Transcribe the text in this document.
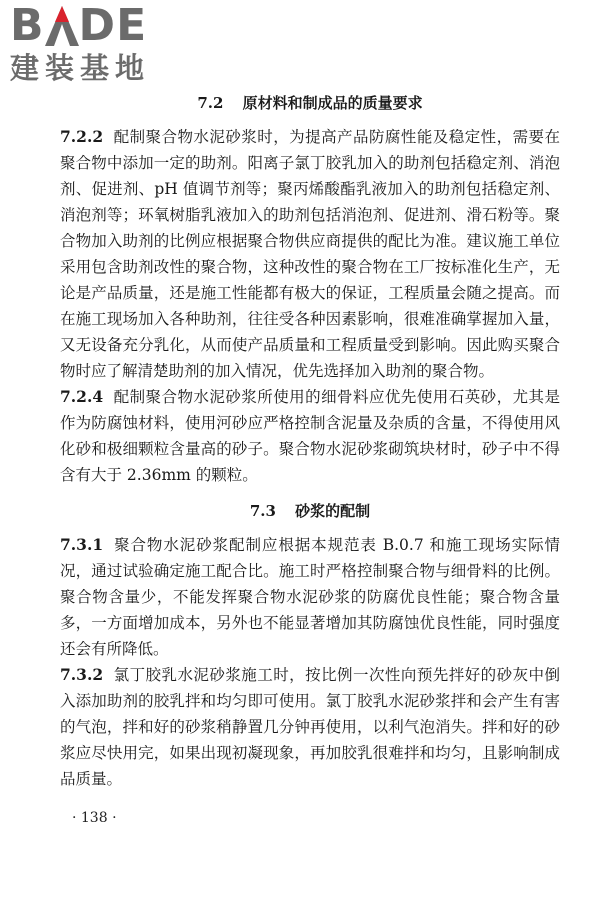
B DE
建装基地
7.2 原材料和制成品的质量要求

7.2.2 配制聚合物水泥砂浆时，为提高产品防腐性能及稳定性，需要在聚合物中添加一定的助剂。阳离子氯丁胶乳加入的助剂包括稳定剂、消泡剂、促进剂、pH 值调节剂等；聚丙烯酸酯乳液加入的助剂包括稳定剂、消泡剂等；环氧树脂乳液加入的助剂包括消泡剂、促进剂、滑石粉等。聚合物加入助剂的比例应根据聚合物供应商提供的配比为准。建议施工单位采用包含助剂改性的聚合物，这种改性的聚合物在工厂按标准化生产，无论是产品质量，还是施工性能都有极大的保证，工程质量会随之提高。而在施工现场加入各种助剂，往往受各种因素影响，很难准确掌握加入量，又无设备充分乳化，从而使产品质量和工程质量受到影响。因此购买聚合物时应了解清楚助剂的加入情况，优先选择加入助剂的聚合物。

7.2.4 配制聚合物水泥砂浆所使用的细骨料应优先使用石英砂，尤其是作为防腐蚀材料，使用河砂应严格控制含泥量及杂质的含量，不得使用风化砂和极细颗粒含量高的砂子。聚合物水泥砂浆砌筑块材时，砂子中不得含有大于 2.36mm 的颗粒。

7.3 砂浆的配制

7.3.1 聚合物水泥砂浆配制应根据本规范表 B.0.7 和施工现场实际情况，通过试验确定施工配合比。施工时严格控制聚合物与细骨料的比例。聚合物含量少，不能发挥聚合物水泥砂浆的防腐优良性能；聚合物含量多，一方面增加成本，另外也不能显著增加其防腐蚀优良性能，同时强度还会有所降低。

7.3.2 氯丁胶乳水泥砂浆施工时，按比例一次性向预先拌好的砂灰中倒入添加助剂的胶乳拌和均匀即可使用。氯丁胶乳水泥砂浆拌和会产生有害的气泡，拌和好的砂浆稍静置几分钟再使用，以利气泡消失。拌和好的砂浆应尽快用完，如果出现初凝现象，再加胶乳很难拌和均匀，且影响制成品质量。

· 138 ·
